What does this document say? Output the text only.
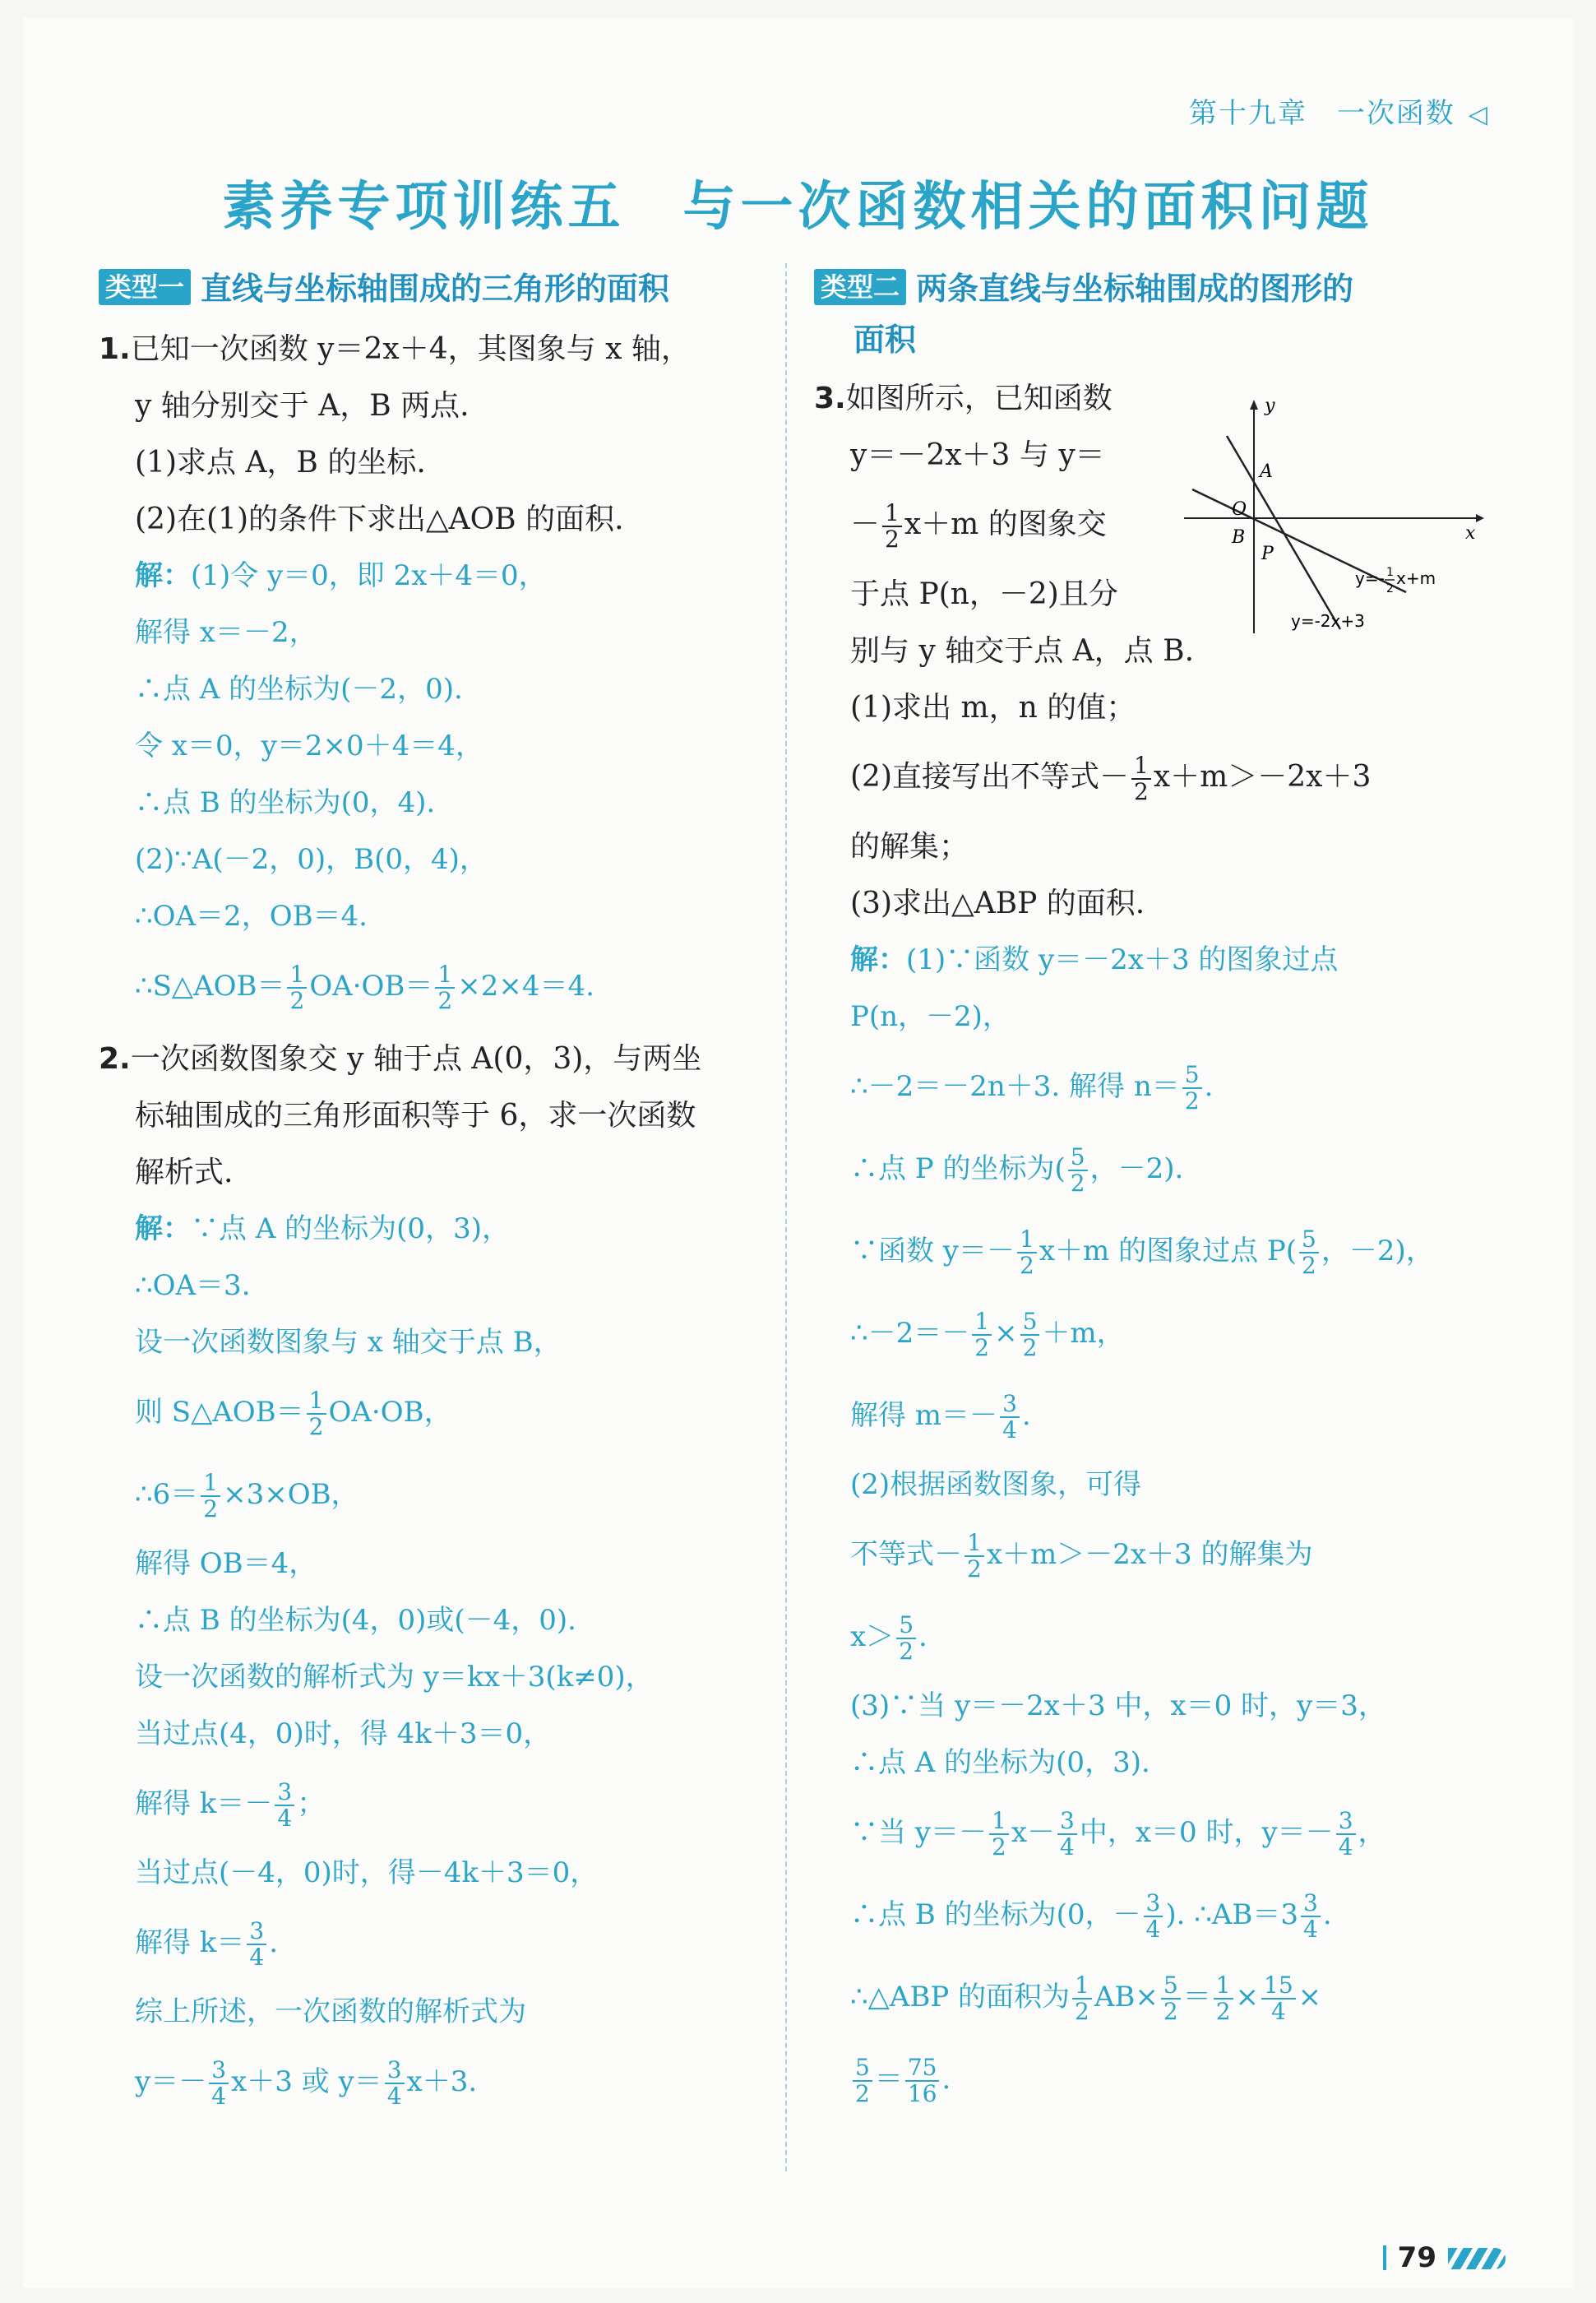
第十九章　一次函数 ◁
素养专项训练五　与一次函数相关的面积问题
类型一 直线与坐标轴围成的三角形的面积
1.已知一次函数 y＝2x＋4，其图象与 x 轴，
y 轴分别交于 A，B 两点.
(1)求点 A，B 的坐标.
(2)在(1)的条件下求出△AOB 的面积.
解：(1)令 y＝0，即 2x＋4＝0，
解得 x＝－2，
∴点 A 的坐标为(－2，0).
令 x＝0，y＝2×0＋4＝4，
∴点 B 的坐标为(0，4).
(2)∵A(－2，0)，B(0，4)，
∴OA＝2，OB＝4.
∴S△AOB＝ $\frac{1}{2} OA\cdot OB= \frac{1}{2} \times 2\times 4=4$.
2.一次函数图象交 y 轴于点 A(0，3)，与两坐
标轴围成的三角形面积等于 6，求一次函数
解析式.
解：∵点 A 的坐标为(0，3)，
∴OA＝3.
设一次函数图象与 x 轴交于点 B，
则 S△AOB＝ $\frac{1}{2} OA\cdot OB$，
∴6＝ $\frac{1}{2} \times 3\times OB$，
解得 OB＝4，
∴点 B 的坐标为(4，0)或(－4，0).
设一次函数的解析式为 y＝kx＋3(k≠0)，
当过点(4，0)时，得 4k＋3＝0，
解得 $k=- \frac{3}{4}$ ；
当过点(－4，0)时，得－4k＋3＝0，
解得 $k= \frac{3}{4}$ .
综上所述，一次函数的解析式为
$y=- \frac{3}{4} x+3$ 或 $y= \frac{3}{4} x+3$.
类型二 两条直线与坐标轴围成的图形的
面积
3.如图所示，已知函数
y＝－2x＋3 与 y＝
－ $\frac{1}{2} x+m$ 的图象交
于点 P(n，－2)且分
别与 y 轴交于点 A，点 B.
(1)求出 m，n 的值；
(2)直接写出不等式－ $\frac{1}{2} x+m>-2x+3$
的解集；
(3)求出△ABP 的面积.
解：(1)∵函数 y＝－2x＋3 的图象过点
P(n，－2)，
∴－2＝－2n＋3. 解得 $n= \frac{5}{2}$ .
∴点 P 的坐标为( $\frac{5}{2}$ ，－2).
∵函数 $y=- \frac{1}{2} x+m$ 的图象过点 $P( \frac{5}{2}$ ，－2)，
∴－2＝－ $\frac{1}{2} \times \frac{5}{2} +m$，
解得 $m=- \frac{3}{4}$ .
(2)根据函数图象，可得
不等式－ $\frac{1}{2} x+m>-2x+3$ 的解集为
$x> \frac{5}{2}$ .
(3)∵当 y＝－2x＋3 中，x＝0 时，y＝3，
∴点 A 的坐标为(0，3).
∵当 $y=- \frac{1}{2} x- \frac{3}{4}$ 中，x＝0 时，$y=- \frac{3}{4}$ ，
∴点 B 的坐标为(0，－ $\frac{3}{4}$ ). ∴AB＝3 $\frac{3}{4}$ .
∴△ABP 的面积为 $\frac{1}{2} AB\times \frac{5}{2} = \frac{1}{2} \times \frac{15}{4}$ ×
$\frac{5}{2} = \frac{75}{16}$ .
y
x
O
A
B
P
y=- 1
2
x+m
y=-2x+3
79
